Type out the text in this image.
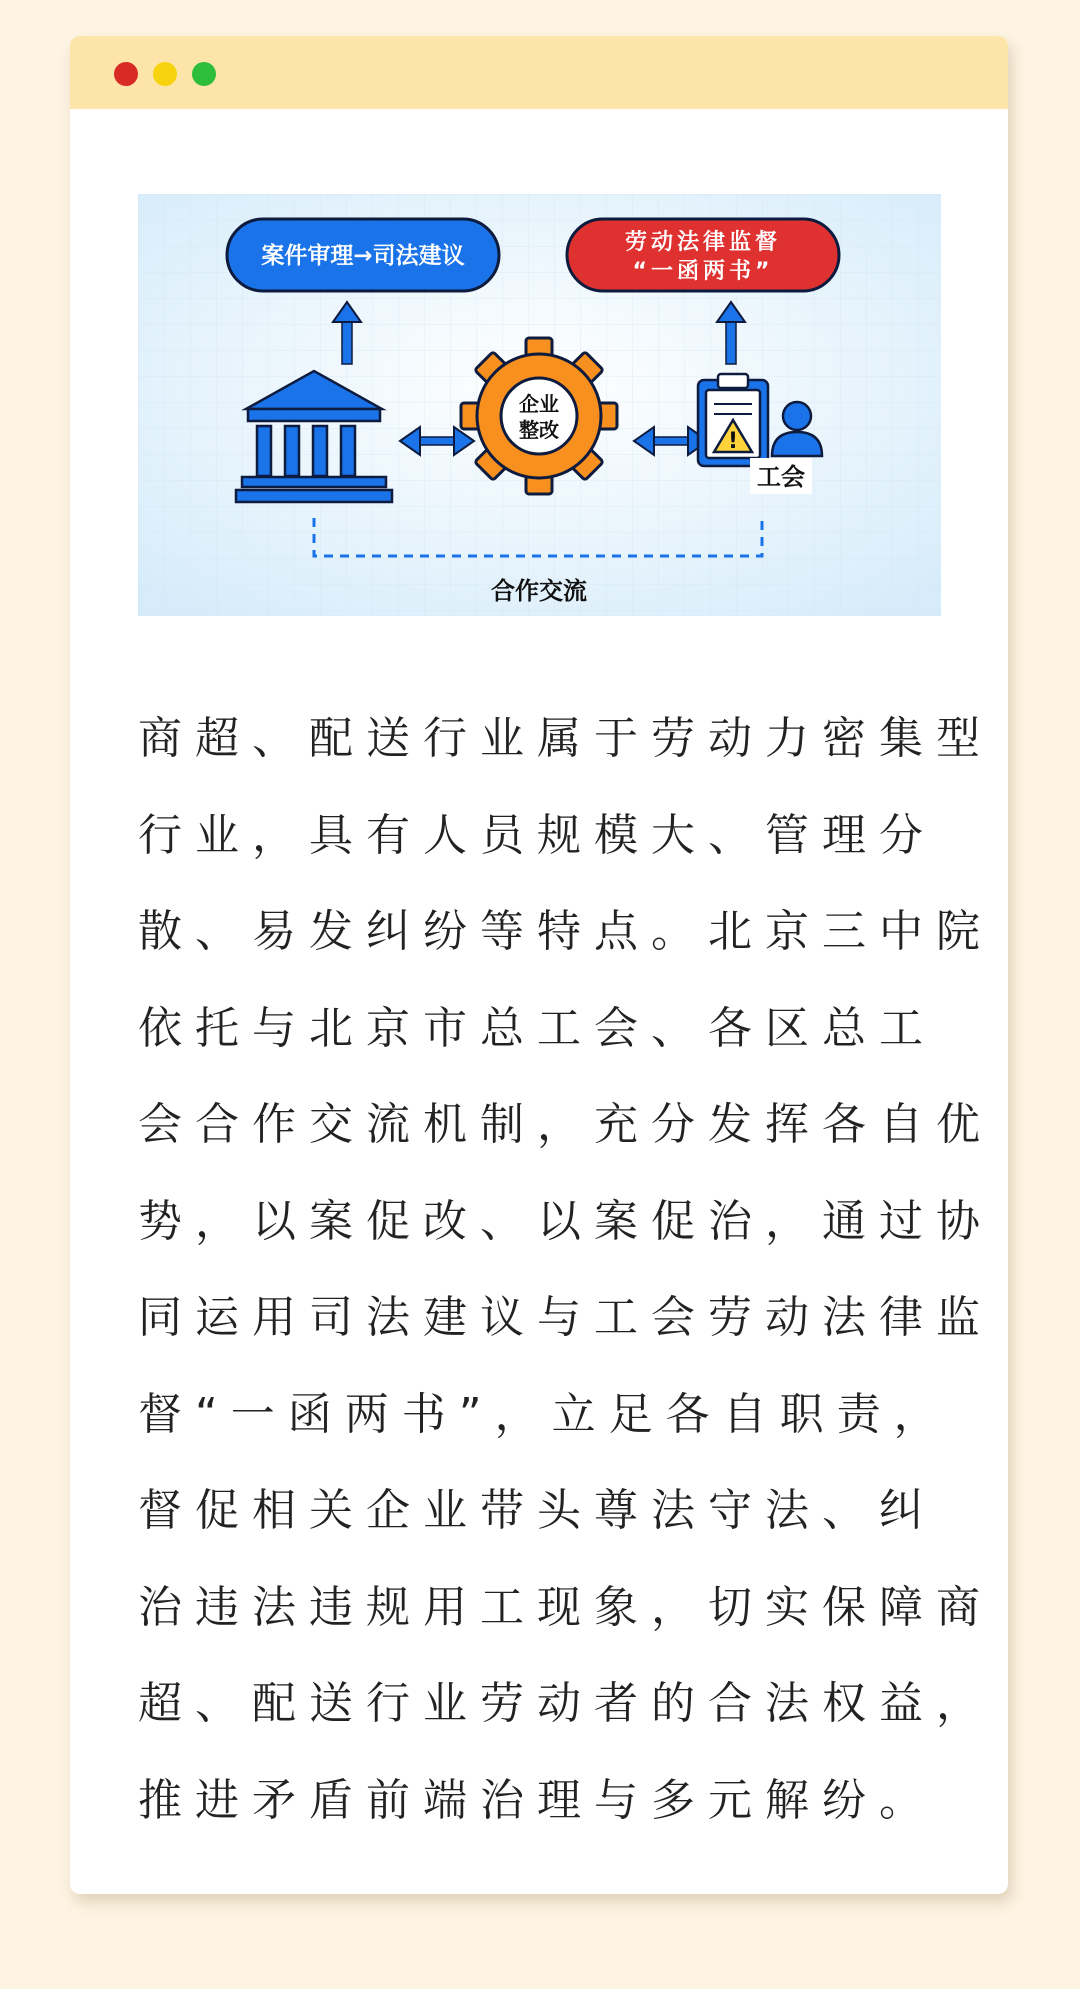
案件审理→司法建议
劳动法律监督
“一函两书”
企业
整改	!
工会
合作交流
商超、配送行业属于劳动力密集型
行业，具有人员规模大、管理分
散、易发纠纷等特点。北京三中院
依托与北京市总工会、各区总工
会合作交流机制，充分发挥各自优
势，以案促改、以案促治，通过协
同运用司法建议与工会劳动法律监
督“一函两书”，立足各自职责，
督促相关企业带头尊法守法、纠
治违法违规用工现象，切实保障商
超、配送行业劳动者的合法权益，
推进矛盾前端治理与多元解纷。
